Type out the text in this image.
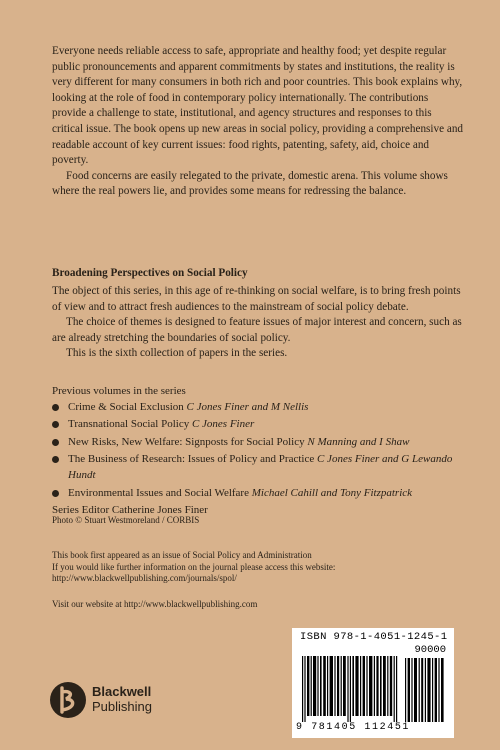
Everyone needs reliable access to safe, appropriate and healthy food; yet despite regular public pronouncements and apparent commitments by states and institutions, the reality is very different for many consumers in both rich and poor countries. This book explains why, looking at the role of food in contemporary policy internationally. The contributions provide a challenge to state, institutional, and agency structures and responses to this critical issue. The book opens up new areas in social policy, providing a comprehensive and readable account of key current issues: food rights, patenting, safety, aid, choice and poverty.

Food concerns are easily relegated to the private, domestic arena. This volume shows where the real powers lie, and provides some means for redressing the balance.

Broadening Perspectives on Social Policy

The object of this series, in this age of re-thinking on social welfare, is to bring fresh points of view and to attract fresh audiences to the mainstream of social policy debate.

The choice of themes is designed to feature issues of major interest and concern, such as are already stretching the boundaries of social policy.

This is the sixth collection of papers in the series.

Previous volumes in the series

Crime & Social Exclusion C Jones Finer and M Nellis
Transnational Social Policy C Jones Finer
New Risks, New Welfare: Signposts for Social Policy N Manning and I Shaw
The Business of Research: Issues of Policy and Practice C Jones Finer and G Lewando Hundt
Environmental Issues and Social Welfare Michael Cahill and Tony Fitzpatrick

Series Editor Catherine Jones Finer

Photo © Stuart Westmoreland / CORBIS

This book first appeared as an issue of Social Policy and Administration

If you would like further information on the journal please access this website:

http://www.blackwellpublishing.com/journals/spol/

Visit our website at http://www.blackwellpublishing.com
Blackwell
Publishing
ISBN 978-1-4051-1245-1
90000
9 781405 112451
